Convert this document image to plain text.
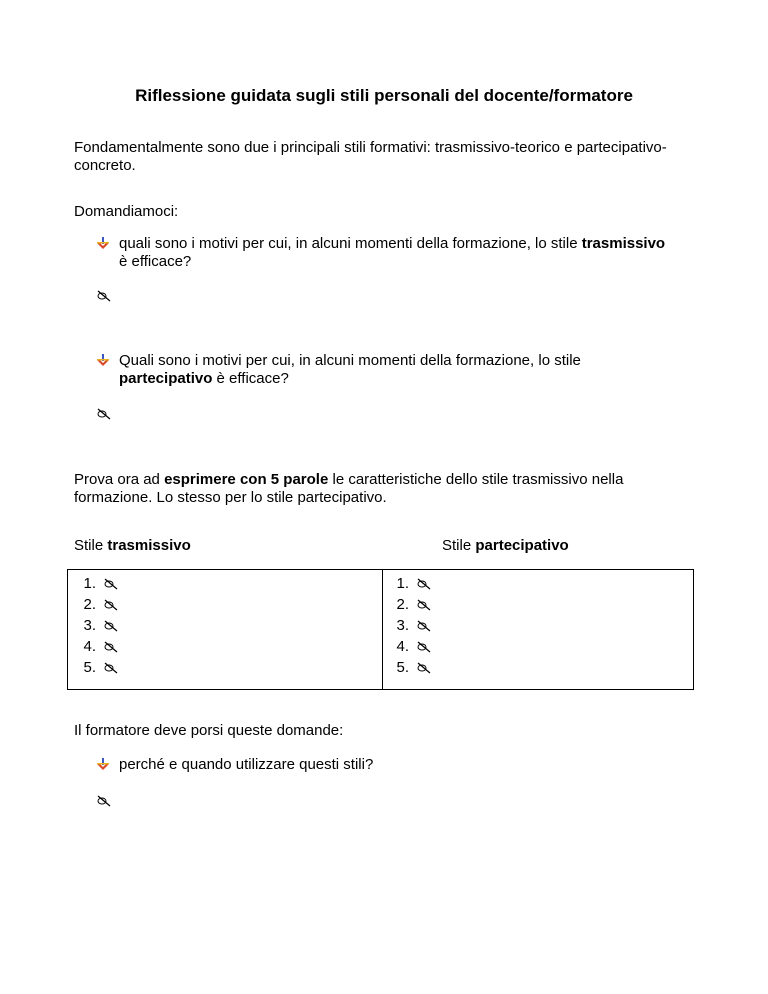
Riflessione guidata sugli stili personali del docente/formatore
Fondamentalmente sono due i principali stili formativi: trasmissivo-teorico e partecipativo-
concreto.
Domandiamoci:
quali sono i motivi per cui, in alcuni momenti della formazione, lo stile trasmissivo
è efficace?
Quali sono i motivi per cui, in alcuni momenti della formazione, lo stile
partecipativo è efficace?
Prova ora ad esprimere con 5 parole le caratteristiche dello stile trasmissivo nella
formazione. Lo stesso per lo stile partecipativo.
Stile trasmissivo	Stile partecipativo
1.
2.
3.
4.
5.
1.
2.
3.
4.
5.
Il formatore deve porsi queste domande:
perché e quando utilizzare questi stili?
